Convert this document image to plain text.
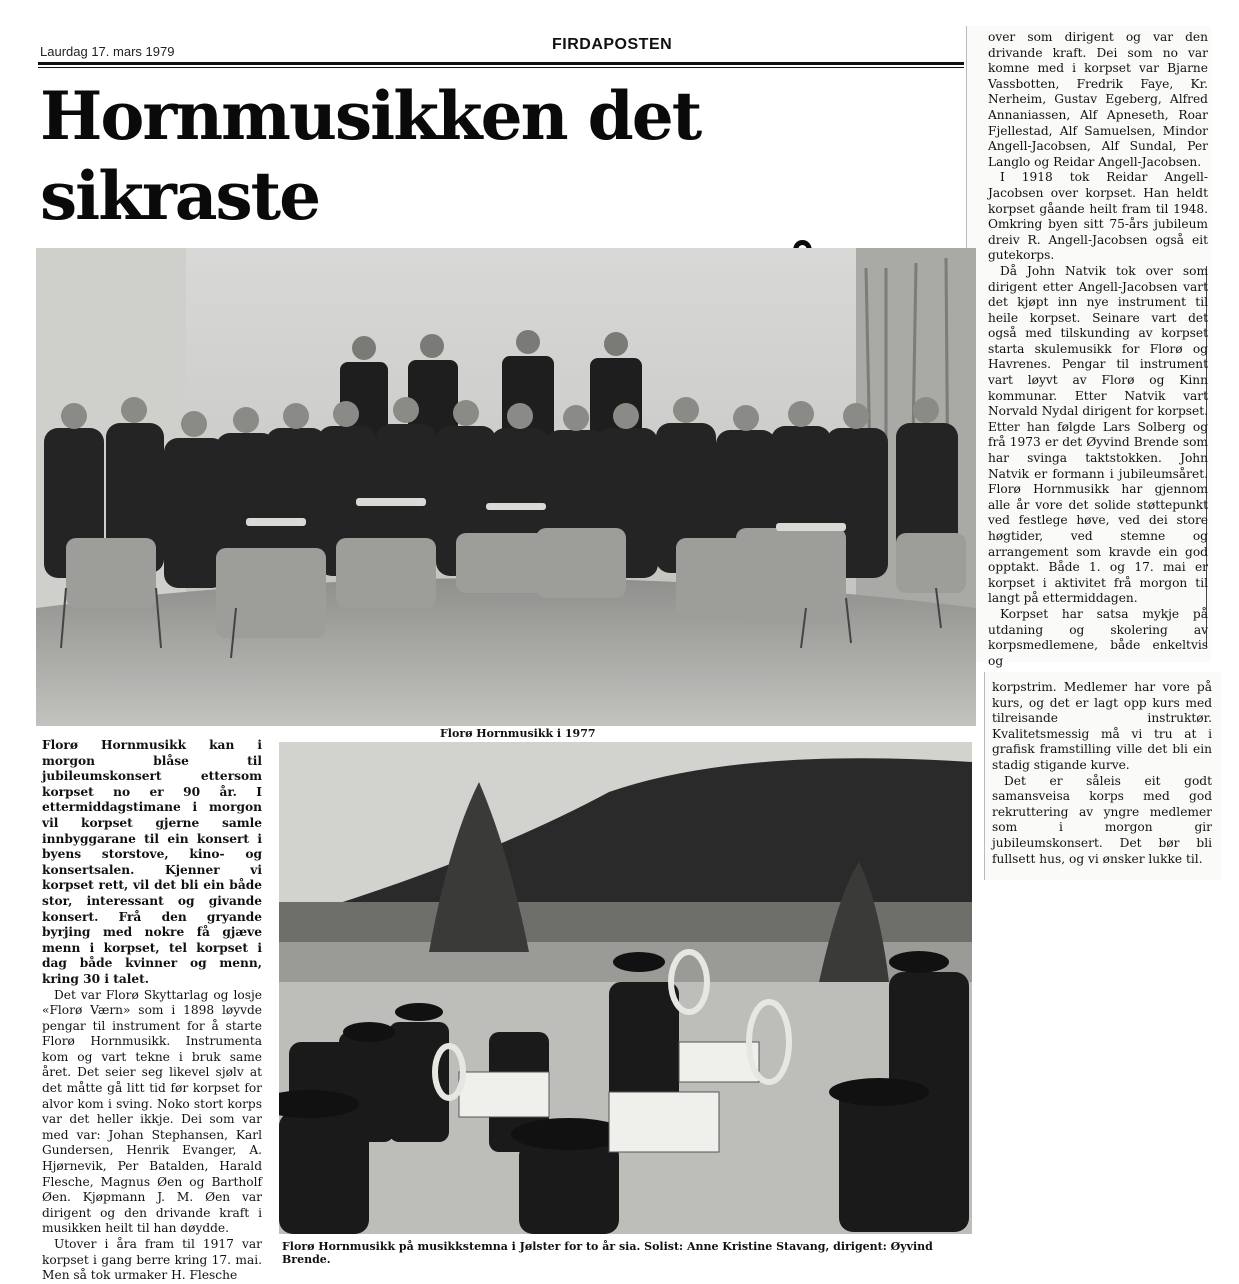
Laurdag 17. mars 1979	FIRDAPOSTEN
Hornmusikken det sikraste

over som dirigent og var den drivande kraft. Dei som no var komne med i korpset var Bjarne Vassbotten, Fredrik Faye, Kr. Nerheim, Gustav Egeberg, Alfred Annaniassen, Alf Apneseth, Roar Fjellestad, Alf Samuelsen, Mindor Angell-Jacobsen, Alf Sundal, Per Langlo og Reidar Angell-Jacobsen.

I 1918 tok Reidar Angell-Jacobsen over korpset. Han heldt korpset gåande heilt fram til 1948. Omkring byen sitt 75-års jubileum dreiv R. Angell-Jacobsen også eit gutekorps.

Då John Natvik tok over som dirigent etter Angell-Jacobsen vart det kjøpt inn nye instrument til heile korpset. Seinare vart det også med tilskunding av korpset starta skulemusikk for Florø og Havrenes. Pengar til instrument vart løyvt av Florø og Kinn kommunar. Etter Natvik vart Norvald Nydal dirigent for korpset. Etter han følgde Lars Solberg og frå 1973 er det Øyvind Brende som har svinga taktstokken. John Natvik er formann i jubileumsåret. Florø Hornmusikk har gjennom alle år vore det solide støttepunkt ved festlege høve, ved dei store høgtider, ved stemne og arrangement som kravde ein god opptakt. Både 1. og 17. mai er korpset i aktivitet frå morgon til langt på ettermiddagen.

Korpset har satsa mykje på utdaning og skolering av korpsmedlemene, både enkeltvis og

Florø Hornmusikk i 1977

Florø Hornmusikk kan i morgon blåse til jubileumskonsert ettersom korpset no er 90 år. I ettermiddagstimane i morgon vil korpset gjerne samle innbyggarane til ein konsert i byens storstove, kino- og konsertsalen. Kjenner vi korpset rett, vil det bli ein både stor, interessant og givande konsert. Frå den gryande byrjing med nokre få gjæve menn i korpset, tel korpset i dag både kvinner og menn, kring 30 i talet.

Det var Florø Skyttarlag og losje «Florø Værn» som i 1898 løyvde pengar til instrument for å starte Florø Hornmusikk. Instrumenta kom og vart tekne i bruk same året. Det seier seg likevel sjølv at det måtte gå litt tid før korpset for alvor kom i sving. Noko stort korps var det heller ikkje. Dei som var med var: Johan Stephansen, Karl Gundersen, Henrik Evanger, A. Hjørnevik, Per Batalden, Harald Flesche, Magnus Øen og Bartholf Øen. Kjøpmann J. M. Øen var dirigent og den drivande kraft i musikken heilt til han døydde.

Utover i åra fram til 1917 var korpset i gang berre kring 17. mai. Men så tok urmaker H. Flesche

Florø Hornmusikk på musikkstemna i Jølster for to år sia. Solist: Anne Kristine Stavang, dirigent: Øyvind Brende.

korpstrim. Medlemer har vore på kurs, og det er lagt opp kurs med tilreisande instruktør. Kvalitetsmessig må vi tru at i grafisk framstilling ville det bli ein stadig stigande kurve.

Det er såleis eit godt samansveisa korps med god rekruttering av yngre medlemer som i morgon gir jubileumskonsert. Det bør bli fullsett hus, og vi ønsker lukke til.
